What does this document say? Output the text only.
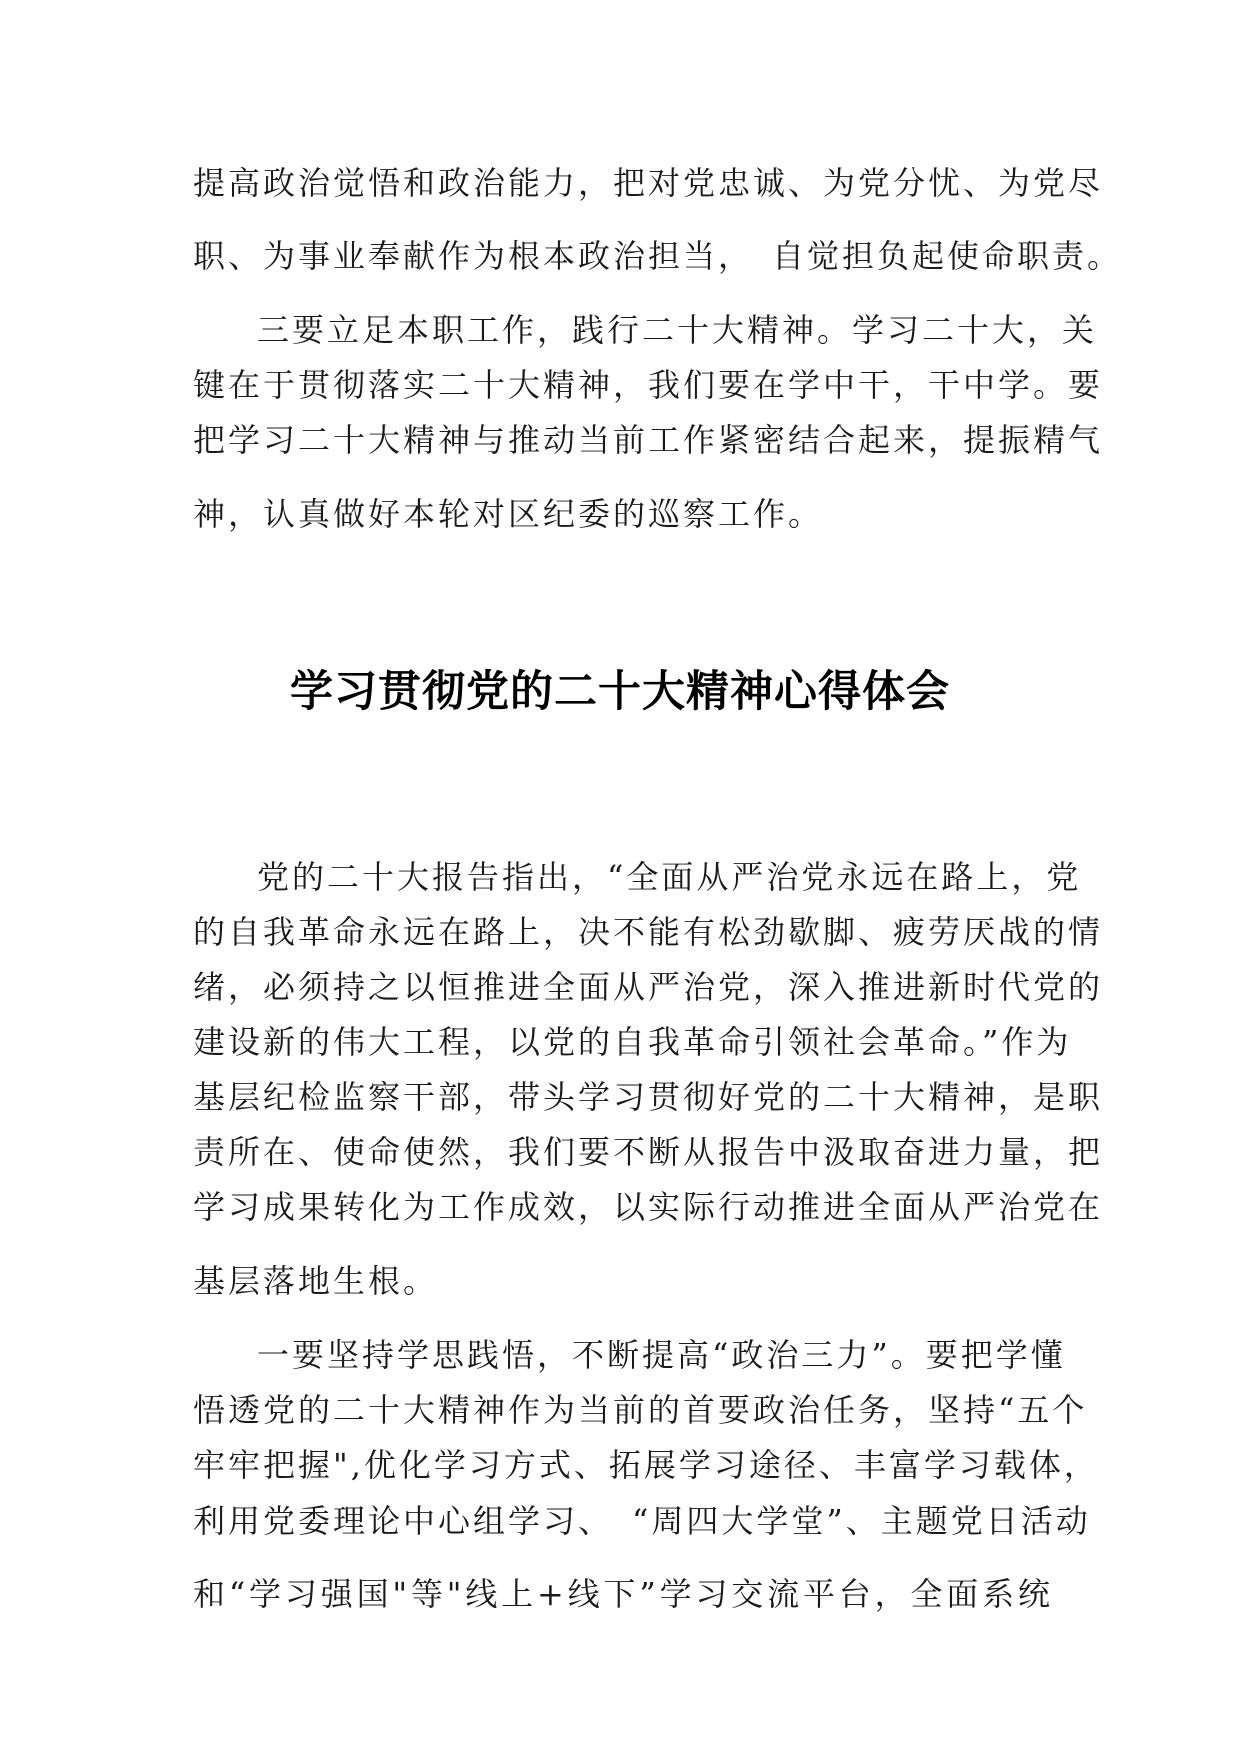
提高政治觉悟和政治能力，把对党忠诚、为党分忧、为党尽
职、为事业奉献作为根本政治担当，　自觉担负起使命职责。
三要立足本职工作，践行二十大精神。学习二十大，关
键在于贯彻落实二十大精神，我们要在学中干，干中学。要
把学习二十大精神与推动当前工作紧密结合起来，提振精气
神，认真做好本轮对区纪委的巡察工作。
学习贯彻党的二十大精神心得体会
党的二十大报告指出，“全面从严治党永远在路上，党
的自我革命永远在路上，决不能有松劲歇脚、疲劳厌战的情
绪，必须持之以恒推进全面从严治党，深入推进新时代党的
建设新的伟大工程，以党的自我革命引领社会革命。”作为
基层纪检监察干部，带头学习贯彻好党的二十大精神，是职
责所在、使命使然，我们要不断从报告中汲取奋进力量，把
学习成果转化为工作成效，以实际行动推进全面从严治党在
基层落地生根。
一要坚持学思践悟，不断提高“政治三力”。要把学懂
悟透党的二十大精神作为当前的首要政治任务，坚持“五个
牢牢把握",优化学习方式、拓展学习途径、丰富学习载体，
利用党委理论中心组学习、　“周四大学堂”、主题党日活动
和“学习强国"等"线上+线下”学习交流平台，全面系统
